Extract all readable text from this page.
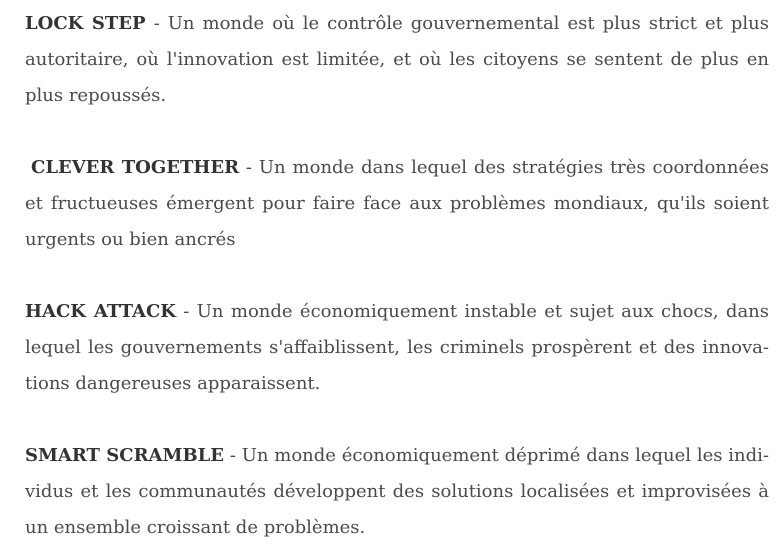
LOCK STEP - Un monde où le contrôle gouvernemental est plus strict et plus autoritaire, où l'innovation est limitée, et où les citoyens se sentent de plus en plus repoussés.

CLEVER TOGETHER - Un monde dans lequel des stratégies très coordonnées et fructueuses émergent pour faire face aux problèmes mondiaux, qu'ils soient urgents ou bien ancrés

HACK ATTACK - Un monde économiquement instable et sujet aux chocs, dans lequel les gouvernements s'affaiblissent, les criminels prospèrent et des innovations dangereuses apparaissent.

SMART SCRAMBLE - Un monde économiquement déprimé dans lequel les individus et les communautés développent des solutions localisées et improvisées à un ensemble croissant de problèmes.
